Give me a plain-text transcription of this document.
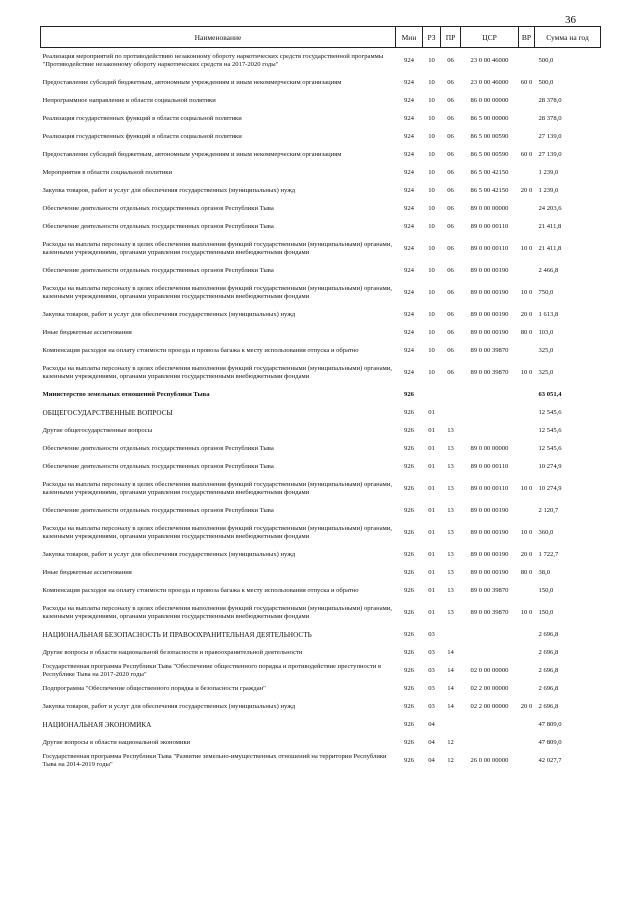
36
Наименование	Мин	РЗ	ПР	ЦСР	ВР	Сумма на год
Реализация мероприятий по противодействию незаконному обороту наркотических средств государственной программы "Противодействие незаконному обороту наркотических средств на 2017-2020 годы"	924	10	06	23 0 00 46000		500,0
Предоставление субсидий бюджетным, автономным учреждениям и иным некоммерческим организациям	924	10	06	23 0 00 46000	60 0	500,0
Непрограммное направление в области социальной политики	924	10	06	86 0 00 00000		28 378,0
Реализация государственных функций в области социальной политики	924	10	06	86 5 00 00000		28 378,0
Реализация государственных функций в области социальной политики	924	10	06	86 5 00 00590		27 139,0
Предоставление субсидий бюджетным, автономным учреждениям и иным некоммерческим организациям	924	10	06	86 5 00 00590	60 0	27 139,0
Мероприятия в области социальной политики	924	10	06	86 5 00 42150		1 239,0
Закупка товаров, работ и услуг для обеспечения государственных (муниципальных) нужд	924	10	06	86 5 00 42150	20 0	1 239,0
Обеспечение деятельности отдельных государственных органов Республики Тыва	924	10	06	89 0 00 00000		24 203,6
Обеспечение деятельности отдельных государственных органов Республики Тыва	924	10	06	89 0 00 00110		21 411,8
Расходы на выплаты персоналу в целях обеспечения выполнения функций государственными (муниципальными) органами, казенными учреждениями, органами управления государственными внебюджетными фондами	924	10	06	89 0 00 00110	10 0	21 411,8
Обеспечение деятельности отдельных государственных органов Республики Тыва	924	10	06	89 0 00 00190		2 466,8
Расходы на выплаты персоналу в целях обеспечения выполнения функций государственными (муниципальными) органами, казенными учреждениями, органами управления государственными внебюджетными фондами	924	10	06	89 0 00 00190	10 0	750,0
Закупка товаров, работ и услуг для обеспечения государственных (муниципальных) нужд	924	10	06	89 0 00 00190	20 0	1 613,8
Иные бюджетные ассигнования	924	10	06	89 0 00 00190	80 0	103,0
Компенсация расходов на оплату стоимости проезда и провоза багажа к месту использования отпуска и обратно	924	10	06	89 0 00 39870		325,0
Расходы на выплаты персоналу в целях обеспечения выполнения функций государственными (муниципальными) органами, казенными учреждениями, органами управления государственными внебюджетными фондами	924	10	06	89 0 00 39870	10 0	325,0
Министерство земельных отношений Республики Тыва	926					63 051,4
ОБЩЕГОСУДАРСТВЕННЫЕ ВОПРОСЫ	926	01				12 545,6
Другие общегосударственные вопросы	926	01	13			12 545,6
Обеспечение деятельности отдельных государственных органов Республики Тыва	926	01	13	89 0 00 00000		12 545,6
Обеспечение деятельности отдельных государственных органов Республики Тыва	926	01	13	89 0 00 00110		10 274,9
Расходы на выплаты персоналу в целях обеспечения выполнения функций государственными (муниципальными) органами, казенными учреждениями, органами управления государственными внебюджетными фондами	926	01	13	89 0 00 00110	10 0	10 274,9
Обеспечение деятельности отдельных государственных органов Республики Тыва	926	01	13	89 0 00 00190		2 120,7
Расходы на выплаты персоналу в целях обеспечения выполнения функций государственными (муниципальными) органами, казенными учреждениями, органами управления государственными внебюджетными фондами	926	01	13	89 0 00 00190	10 0	360,0
Закупка товаров, работ и услуг для обеспечения государственных (муниципальных) нужд	926	01	13	89 0 00 00190	20 0	1 722,7
Иные бюджетные ассигнования	926	01	13	89 0 00 00190	80 0	38,0
Компенсация расходов на оплату стоимости проезда и провоза багажа к месту использования отпуска и обратно	926	01	13	89 0 00 39870		150,0
Расходы на выплаты персоналу в целях обеспечения выполнения функций государственными (муниципальными) органами, казенными учреждениями, органами управления государственными внебюджетными фондами	926	01	13	89 0 00 39870	10 0	150,0
НАЦИОНАЛЬНАЯ БЕЗОПАСНОСТЬ И ПРАВООХРАНИТЕЛЬНАЯ ДЕЯТЕЛЬНОСТЬ	926	03				2 696,8
Другие вопросы в области национальной безопасности и правоохранительной деятельности	926	03	14			2 696,8
Государственная программа Республики Тыва "Обеспечение общественного порядка и противодействие преступности в Республике Тыва на 2017-2020 годы"	926	03	14	02 0 00 00000		2 696,8
Подпрограмма "Обеспечение общественного порядка и безопасности граждан"	926	03	14	02 2 00 00000		2 696,8
Закупка товаров, работ и услуг для обеспечения государственных (муниципальных) нужд	926	03	14	02 2 00 00000	20 0	2 696,8
НАЦИОНАЛЬНАЯ ЭКОНОМИКА	926	04				47 809,0
Другие вопросы в области национальной экономики	926	04	12			47 809,0
Государственная программа Республики Тыва "Развитие земельно-имущественных отношений на территории Республики Тыва на 2014-2019 годы"	926	04	12	26 0 00 00000		42 027,7
